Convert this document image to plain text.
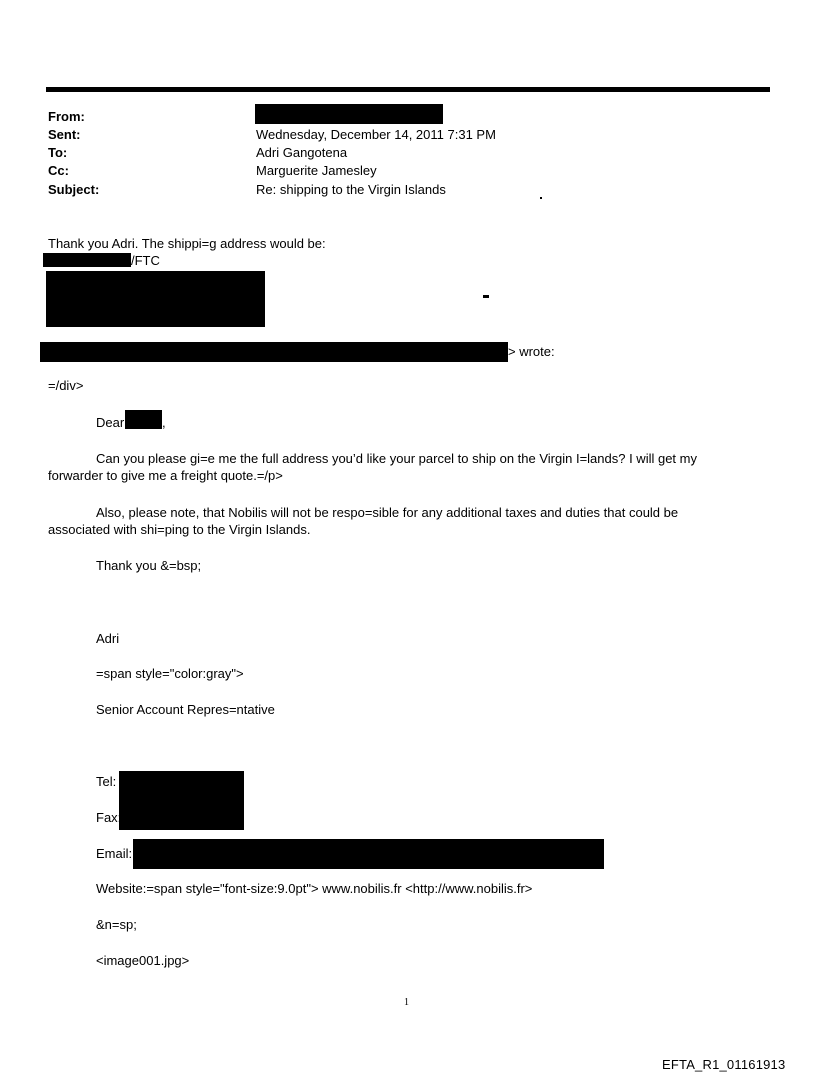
From:
Sent:	Wednesday, December 14, 2011 7:31 PM
To:	Adri Gangotena
Cc:	Marguerite Jamesley
Subject:	Re: shipping to the Virgin Islands
Thank you Adri. The shippi=g address would be:
/FTC
> wrote:
=/div>
Dear	,
Can you please gi=e me the full address you’d like your parcel to ship on the Virgin I=lands? I will get my
forwarder to give me a freight quote.=/p>
Also, please note, that Nobilis will not be respo=sible for any additional taxes and duties that could be
associated with shi=ping to the Virgin Islands.
Thank you &=bsp;
Adri
=span style="color:gray">
Senior Account Repres=ntative
Tel:
Fax:
Email:
Website:=span style="font-size:9.0pt"> www.nobilis.fr <http://www.nobilis.fr>
&n=sp;
<image001.jpg>
1
EFTA_R1_01161913
